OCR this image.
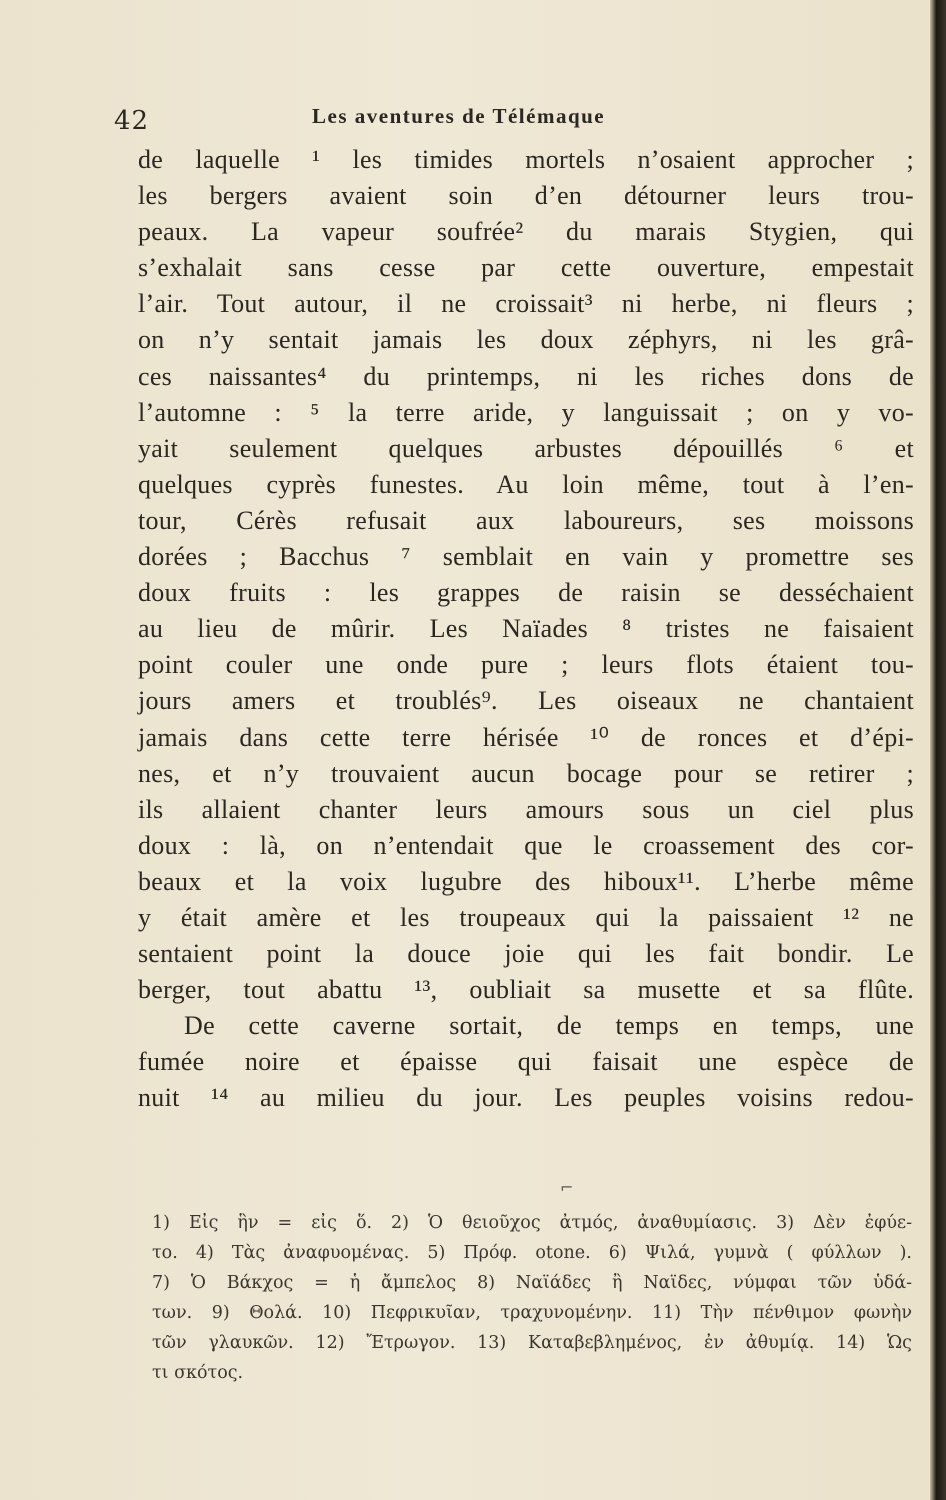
42	Les aventures de Télémaque
de laquelle ¹ les timides mortels n’osaient approcher ;
les bergers avaient soin d’en détourner leurs trou-
peaux. La vapeur soufrée² du marais Stygien, qui
s’exhalait sans cesse par cette ouverture, empestait
l’air. Tout autour, il ne croissait³ ni herbe, ni fleurs ;
on n’y sentait jamais les doux zéphyrs, ni les grâ-
ces naissantes⁴ du printemps, ni les riches dons de
l’automne : ⁵ la terre aride, y languissait ; on y vo-
yait seulement quelques arbustes dépouillés ⁶ et
quelques cyprès funestes. Au loin même, tout à l’en-
tour, Cérès refusait aux laboureurs, ses moissons
dorées ; Bacchus ⁷ semblait en vain y promettre ses
doux fruits : les grappes de raisin se desséchaient
au lieu de mûrir. Les Naïades ⁸ tristes ne faisaient
point couler une onde pure ; leurs flots étaient tou-
jours amers et troublés⁹. Les oiseaux ne chantaient
jamais dans cette terre hérisée ¹⁰ de ronces et d’épi-
nes, et n’y trouvaient aucun bocage pour se retirer ;
ils allaient chanter leurs amours sous un ciel plus
doux : là, on n’entendait que le croassement des cor-
beaux et la voix lugubre des hiboux¹¹. L’herbe même
y était amère et les troupeaux qui la paissaient ¹² ne
sentaient point la douce joie qui les fait bondir. Le
berger, tout abattu ¹³, oubliait sa musette et sa flûte.
De cette caverne sortait, de temps en temps, une
fumée noire et épaisse qui faisait une espèce de
nuit ¹⁴ au milieu du jour. Les peuples voisins redou-
⌐
1) Εἰς ἣν = εἰς ὅ. 2) Ὁ θειοῦχος ἀτμός, ἀναθυμίασις. 3) Δὲν ἐφύε-
το. 4) Τὰς ἀναφυομένας. 5) Πρόφ. otone. 6) Ψιλά, γυμνὰ ( φύλλων ).
7) Ὁ Βάκχος = ἡ ἄμπελος 8) Ναϊάδες ἢ Ναϊδες, νύμφαι τῶν ὑδά-
των. 9) Θολά. 10) Πεφρικυῖαν, τραχυνομένην. 11) Τὴν πένθιμον φωνὴν
τῶν γλαυκῶν. 12) Ἔτρωγον. 13) Καταβεβλημένος, ἐν ἀθυμίᾳ. 14) Ὡς
τι σκότος.
